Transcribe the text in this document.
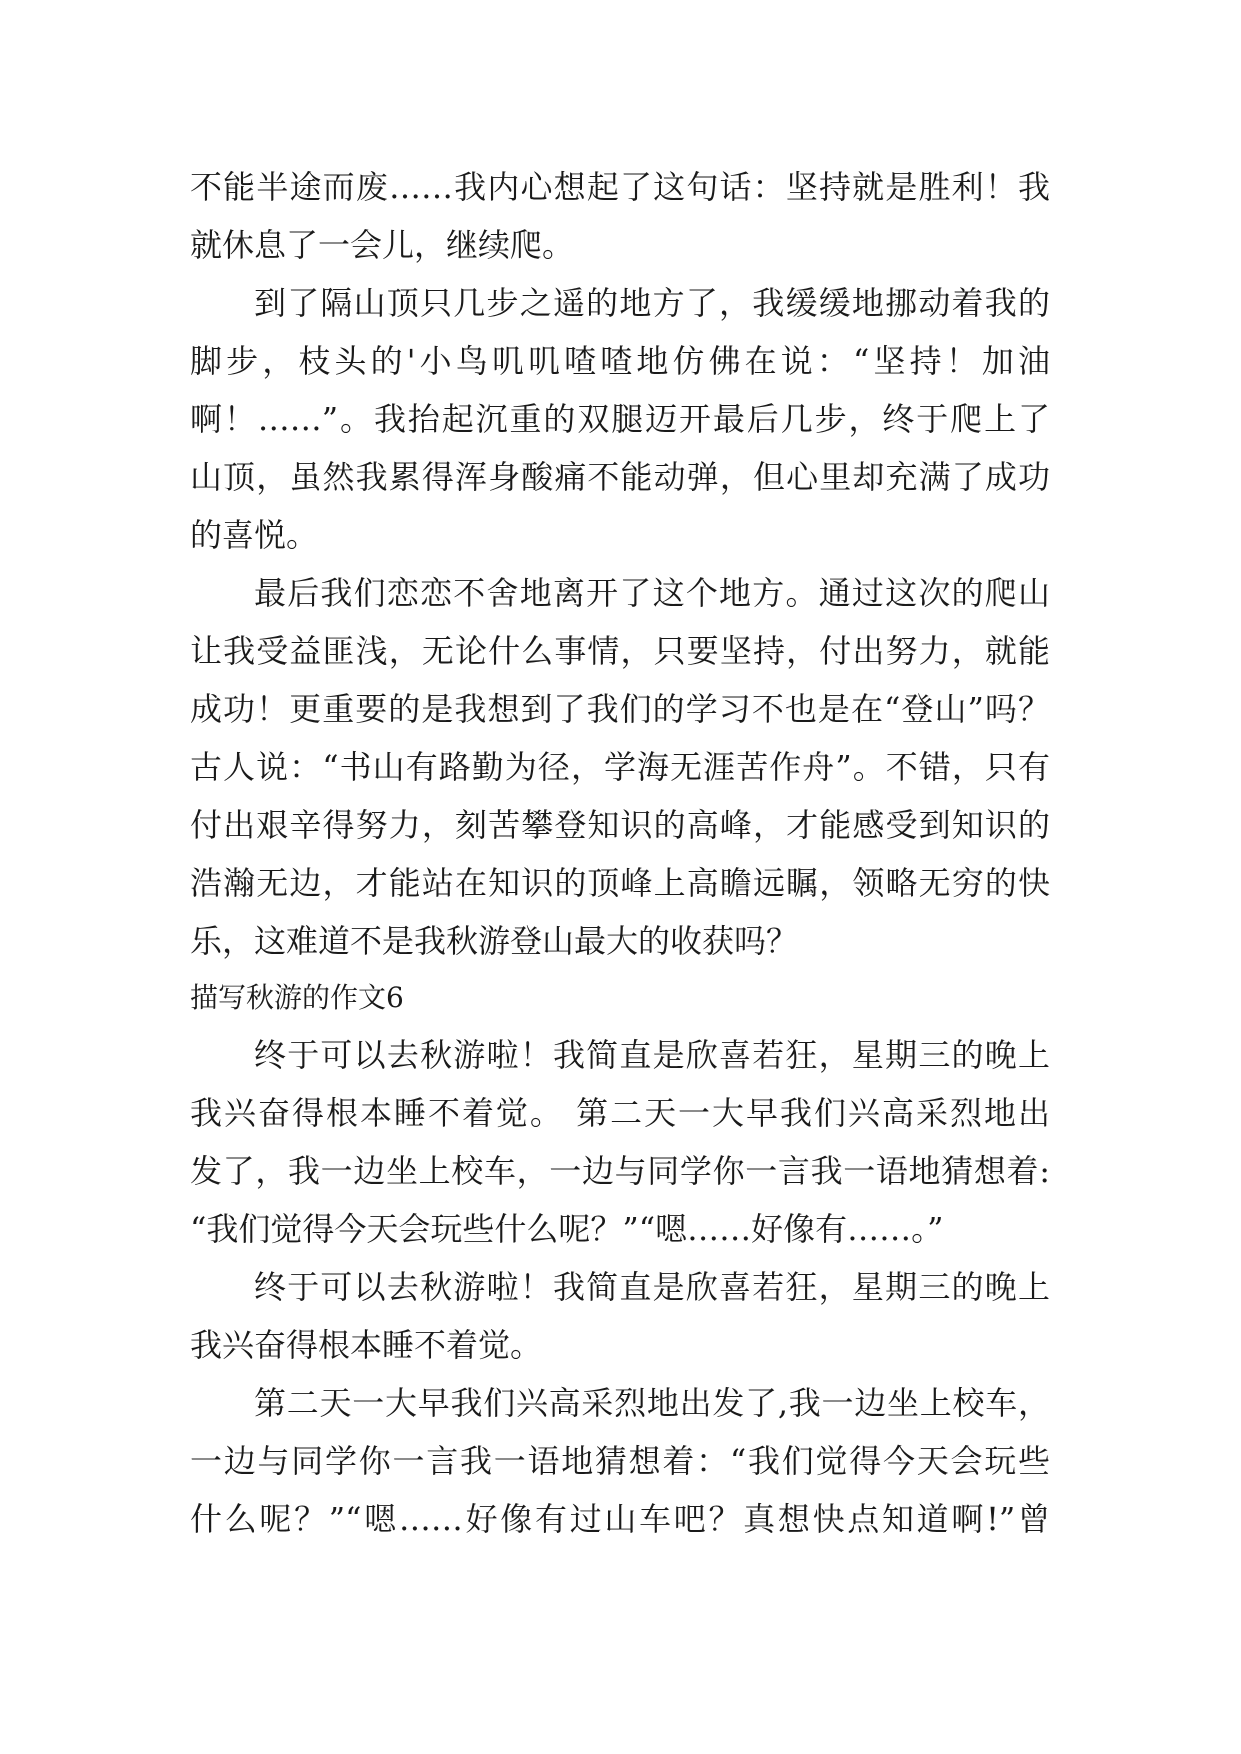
不能半途而废……我内心想起了这句话：坚持就是胜利！我
就休息了一会儿，继续爬。
到了隔山顶只几步之遥的地方了，我缓缓地挪动着我的
脚步，枝头的'小鸟叽叽喳喳地仿佛在说：“坚持！加油
啊！……”。我抬起沉重的双腿迈开最后几步，终于爬上了
山顶，虽然我累得浑身酸痛不能动弹，但心里却充满了成功
的喜悦。
最后我们恋恋不舍地离开了这个地方。通过这次的爬山
让我受益匪浅，无论什么事情，只要坚持，付出努力，就能
成功！更重要的是我想到了我们的学习不也是在“登山”吗？
古人说：“书山有路勤为径，学海无涯苦作舟”。不错，只有
付出艰辛得努力，刻苦攀登知识的高峰，才能感受到知识的
浩瀚无边，才能站在知识的顶峰上高瞻远瞩，领略无穷的快
乐，这难道不是我秋游登山最大的收获吗？
描写秋游的作文6
终于可以去秋游啦！我简直是欣喜若狂，星期三的晚上
我兴奋得根本睡不着觉。 第二天一大早我们兴高采烈地出
发了，我一边坐上校车，一边与同学你一言我一语地猜想着:
“我们觉得今天会玩些什么呢？”“嗯……好像有……。”
终于可以去秋游啦！我简直是欣喜若狂，星期三的晚上
我兴奋得根本睡不着觉。
第二天一大早我们兴高采烈地出发了,我一边坐上校车，
一边与同学你一言我一语地猜想着：“我们觉得今天会玩些
什么呢？”“嗯……好像有过山车吧？真想快点知道啊!”曾
